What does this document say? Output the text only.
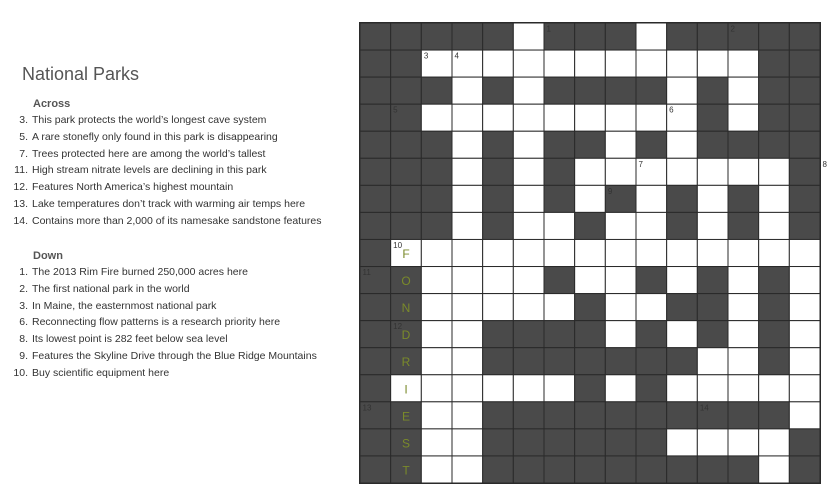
National Parks
Across
3. This park protects the world’s longest cave system
5. A rare stonefly only found in this park is disappearing
7. Trees protected here are among the world’s tallest
11. High stream nitrate levels are declining in this park
12. Features North America’s highest mountain
13. Lake temperatures don’t track with warming air temps here
14. Contains more than 2,000 of its namesake sandstone features
Down
1. The 2013 Rim Fire burned 250,000 acres here
2. The first national park in the world
3. In Maine, the easternmost national park
6. Reconnecting flow patterns is a research priority here
8. Its lowest point is 282 feet below sea level
9. Features the Skyline Drive through the Blue Ridge Mountains
10. Buy scientific equipment here
1	2
3	4
5	6
7	8
9
10
11
12
13	14
F
O
N
D
R
I
E
S
T
